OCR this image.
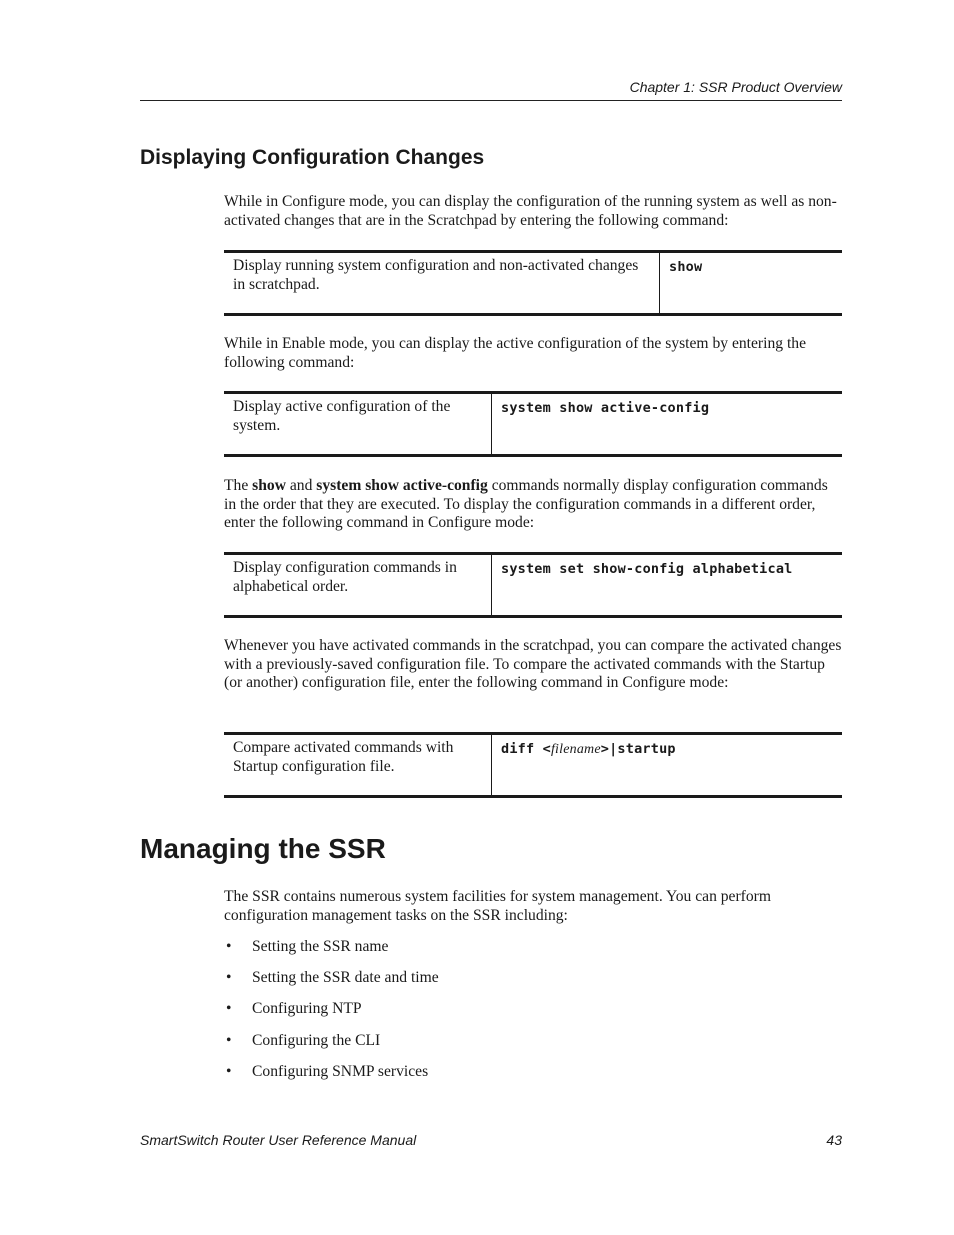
Chapter 1: SSR Product Overview
Displaying Configuration Changes

While in Configure mode, you can display the configuration of the running system as well as non-activated changes that are in the Scratchpad by entering the following command:

Display running system configuration and non-activated changes in scratchpad.
show

While in Enable mode, you can display the active configuration of the system by entering the following command:

Display active configuration of the system.
system show active-config

The show and system show active-config commands normally display configuration commands in the order that they are executed. To display the configuration commands in a different order, enter the following command in Configure mode:

Display configuration commands in alphabetical order.
system set show-config alphabetical

Whenever you have activated commands in the scratchpad, you can compare the activated changes with a previously-saved configuration file. To compare the activated commands with the Startup (or another) configuration file, enter the following command in Configure mode:

Compare activated commands with Startup configuration file.
diff <filename>|startup
Managing the SSR

The SSR contains numerous system facilities for system management. You can perform configuration management tasks on the SSR including:

• Setting the SSR name
• Setting the SSR date and time
• Configuring NTP
• Configuring the CLI
• Configuring SNMP services
SmartSwitch Router User Reference Manual	43
